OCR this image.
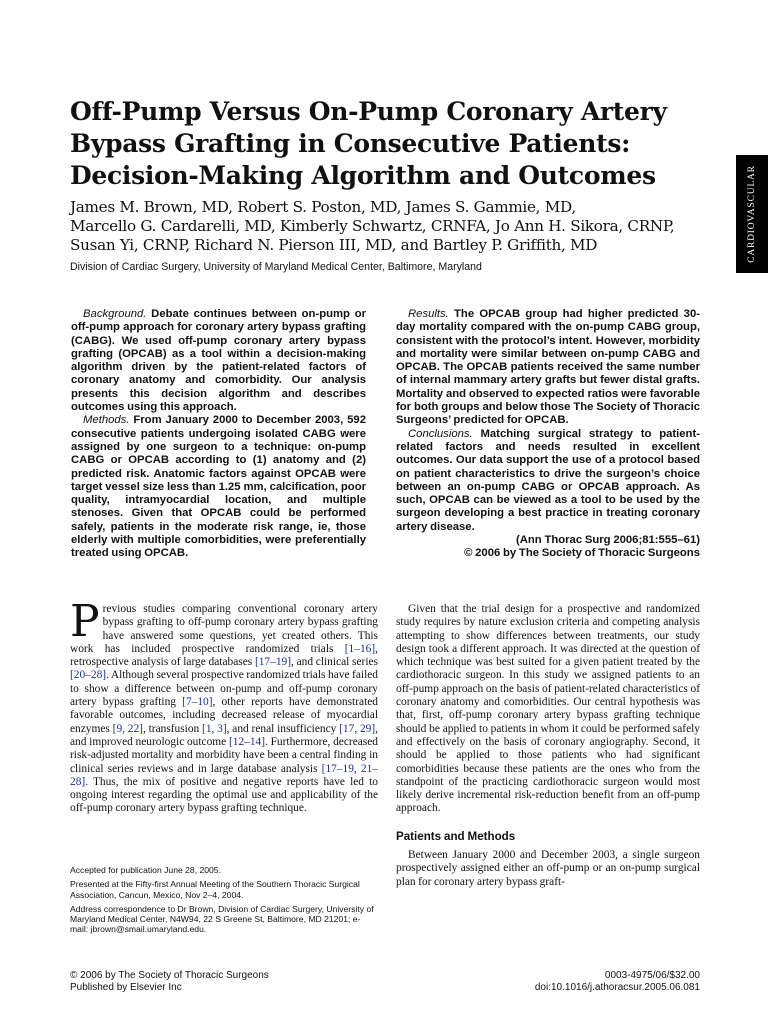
CARDIOVASCULAR
Off-Pump Versus On-Pump Coronary Artery
Bypass Grafting in Consecutive Patients:
Decision-Making Algorithm and Outcomes
James M. Brown, MD, Robert S. Poston, MD, James S. Gammie, MD,
Marcello G. Cardarelli, MD, Kimberly Schwartz, CRNFA, Jo Ann H. Sikora, CRNP,
Susan Yi, CRNP, Richard N. Pierson III, MD, and Bartley P. Griffith, MD
Division of Cardiac Surgery, University of Maryland Medical Center, Baltimore, Maryland

Background. Debate continues between on-pump or off-pump approach for coronary artery bypass grafting (CABG). We used off-pump coronary artery bypass grafting (OPCAB) as a tool within a decision-making algorithm driven by the patient-related factors of coronary anatomy and comorbidity. Our analysis presents this decision algorithm and describes outcomes using this approach.

Methods. From January 2000 to December 2003, 592 consecutive patients undergoing isolated CABG were assigned by one surgeon to a technique: on-pump CABG or OPCAB according to (1) anatomy and (2) predicted risk. Anatomic factors against OPCAB were target vessel size less than 1.25 mm, calcification, poor quality, intramyocardial location, and multiple stenoses. Given that OPCAB could be performed safely, patients in the moderate risk range, ie, those elderly with multiple comorbidities, were preferentially treated using OPCAB.

Results. The OPCAB group had higher predicted 30-day mortality compared with the on-pump CABG group, consistent with the protocol’s intent. However, morbidity and mortality were similar between on-pump CABG and OPCAB. The OPCAB patients received the same number of internal mammary artery grafts but fewer distal grafts. Mortality and observed to expected ratios were favorable for both groups and below those The Society of Thoracic Surgeons’ predicted for OPCAB.

Conclusions. Matching surgical strategy to patient-related factors and needs resulted in excellent outcomes. Our data support the use of a protocol based on patient characteristics to drive the surgeon’s choice between an on-pump CABG or OPCAB approach. As such, OPCAB can be viewed as a tool to be used by the surgeon developing a best practice in treating coronary artery disease.

(Ann Thorac Surg 2006;81:555–61)

© 2006 by The Society of Thoracic Surgeons

Previous studies comparing conventional coronary artery bypass grafting to off-pump coronary artery bypass grafting have answered some questions, yet created others. This work has included prospective randomized trials [1–16], retrospective analysis of large databases [17–19], and clinical series [20–28]. Although several prospective randomized trials have failed to show a difference between on-pump and off-pump coronary artery bypass grafting [7–10], other reports have demonstrated favorable outcomes, including decreased release of myocardial enzymes [9, 22], transfusion [1, 3], and renal insufficiency [17, 29], and improved neurologic outcome [12–14]. Furthermore, decreased risk-adjusted mortality and morbidity have been a central finding in clinical series reviews and in large database analysis [17–19, 21–28]. Thus, the mix of positive and negative reports have led to ongoing interest regarding the optimal use and applicability of the off-pump coronary artery bypass grafting technique.

Given that the trial design for a prospective and randomized study requires by nature exclusion criteria and competing analysis attempting to show differences between treatments, our study design took a different approach. It was directed at the question of which technique was best suited for a given patient treated by the cardiothoracic surgeon. In this study we assigned patients to an off-pump approach on the basis of patient-related characteristics of coronary anatomy and comorbidities. Our central hypothesis was that, first, off-pump coronary artery bypass grafting technique should be applied to patients in whom it could be performed safely and effectively on the basis of coronary angiography. Second, it should be applied to those patients who had significant comorbidities because these patients are the ones who from the standpoint of the practicing cardiothoracic surgeon would most likely derive incremental risk-reduction benefit from an off-pump approach.

Patients and Methods

Between January 2000 and December 2003, a single surgeon prospectively assigned either an off-pump or an on-pump surgical plan for coronary artery bypass graft-

Accepted for publication June 28, 2005.

Presented at the Fifty-first Annual Meeting of the Southern Thoracic Surgical Association, Cancun, Mexico, Nov 2–4, 2004.

Address correspondence to Dr Brown, Division of Cardiac Surgery, University of Maryland Medical Center, N4W94, 22 S Greene St, Baltimore, MD 21201; e-mail: jbrown@smail.umaryland.edu.

© 2006 by The Society of Thoracic Surgeons
Published by Elsevier Inc
0003-4975/06/$32.00
doi:10.1016/j.athoracsur.2005.06.081
